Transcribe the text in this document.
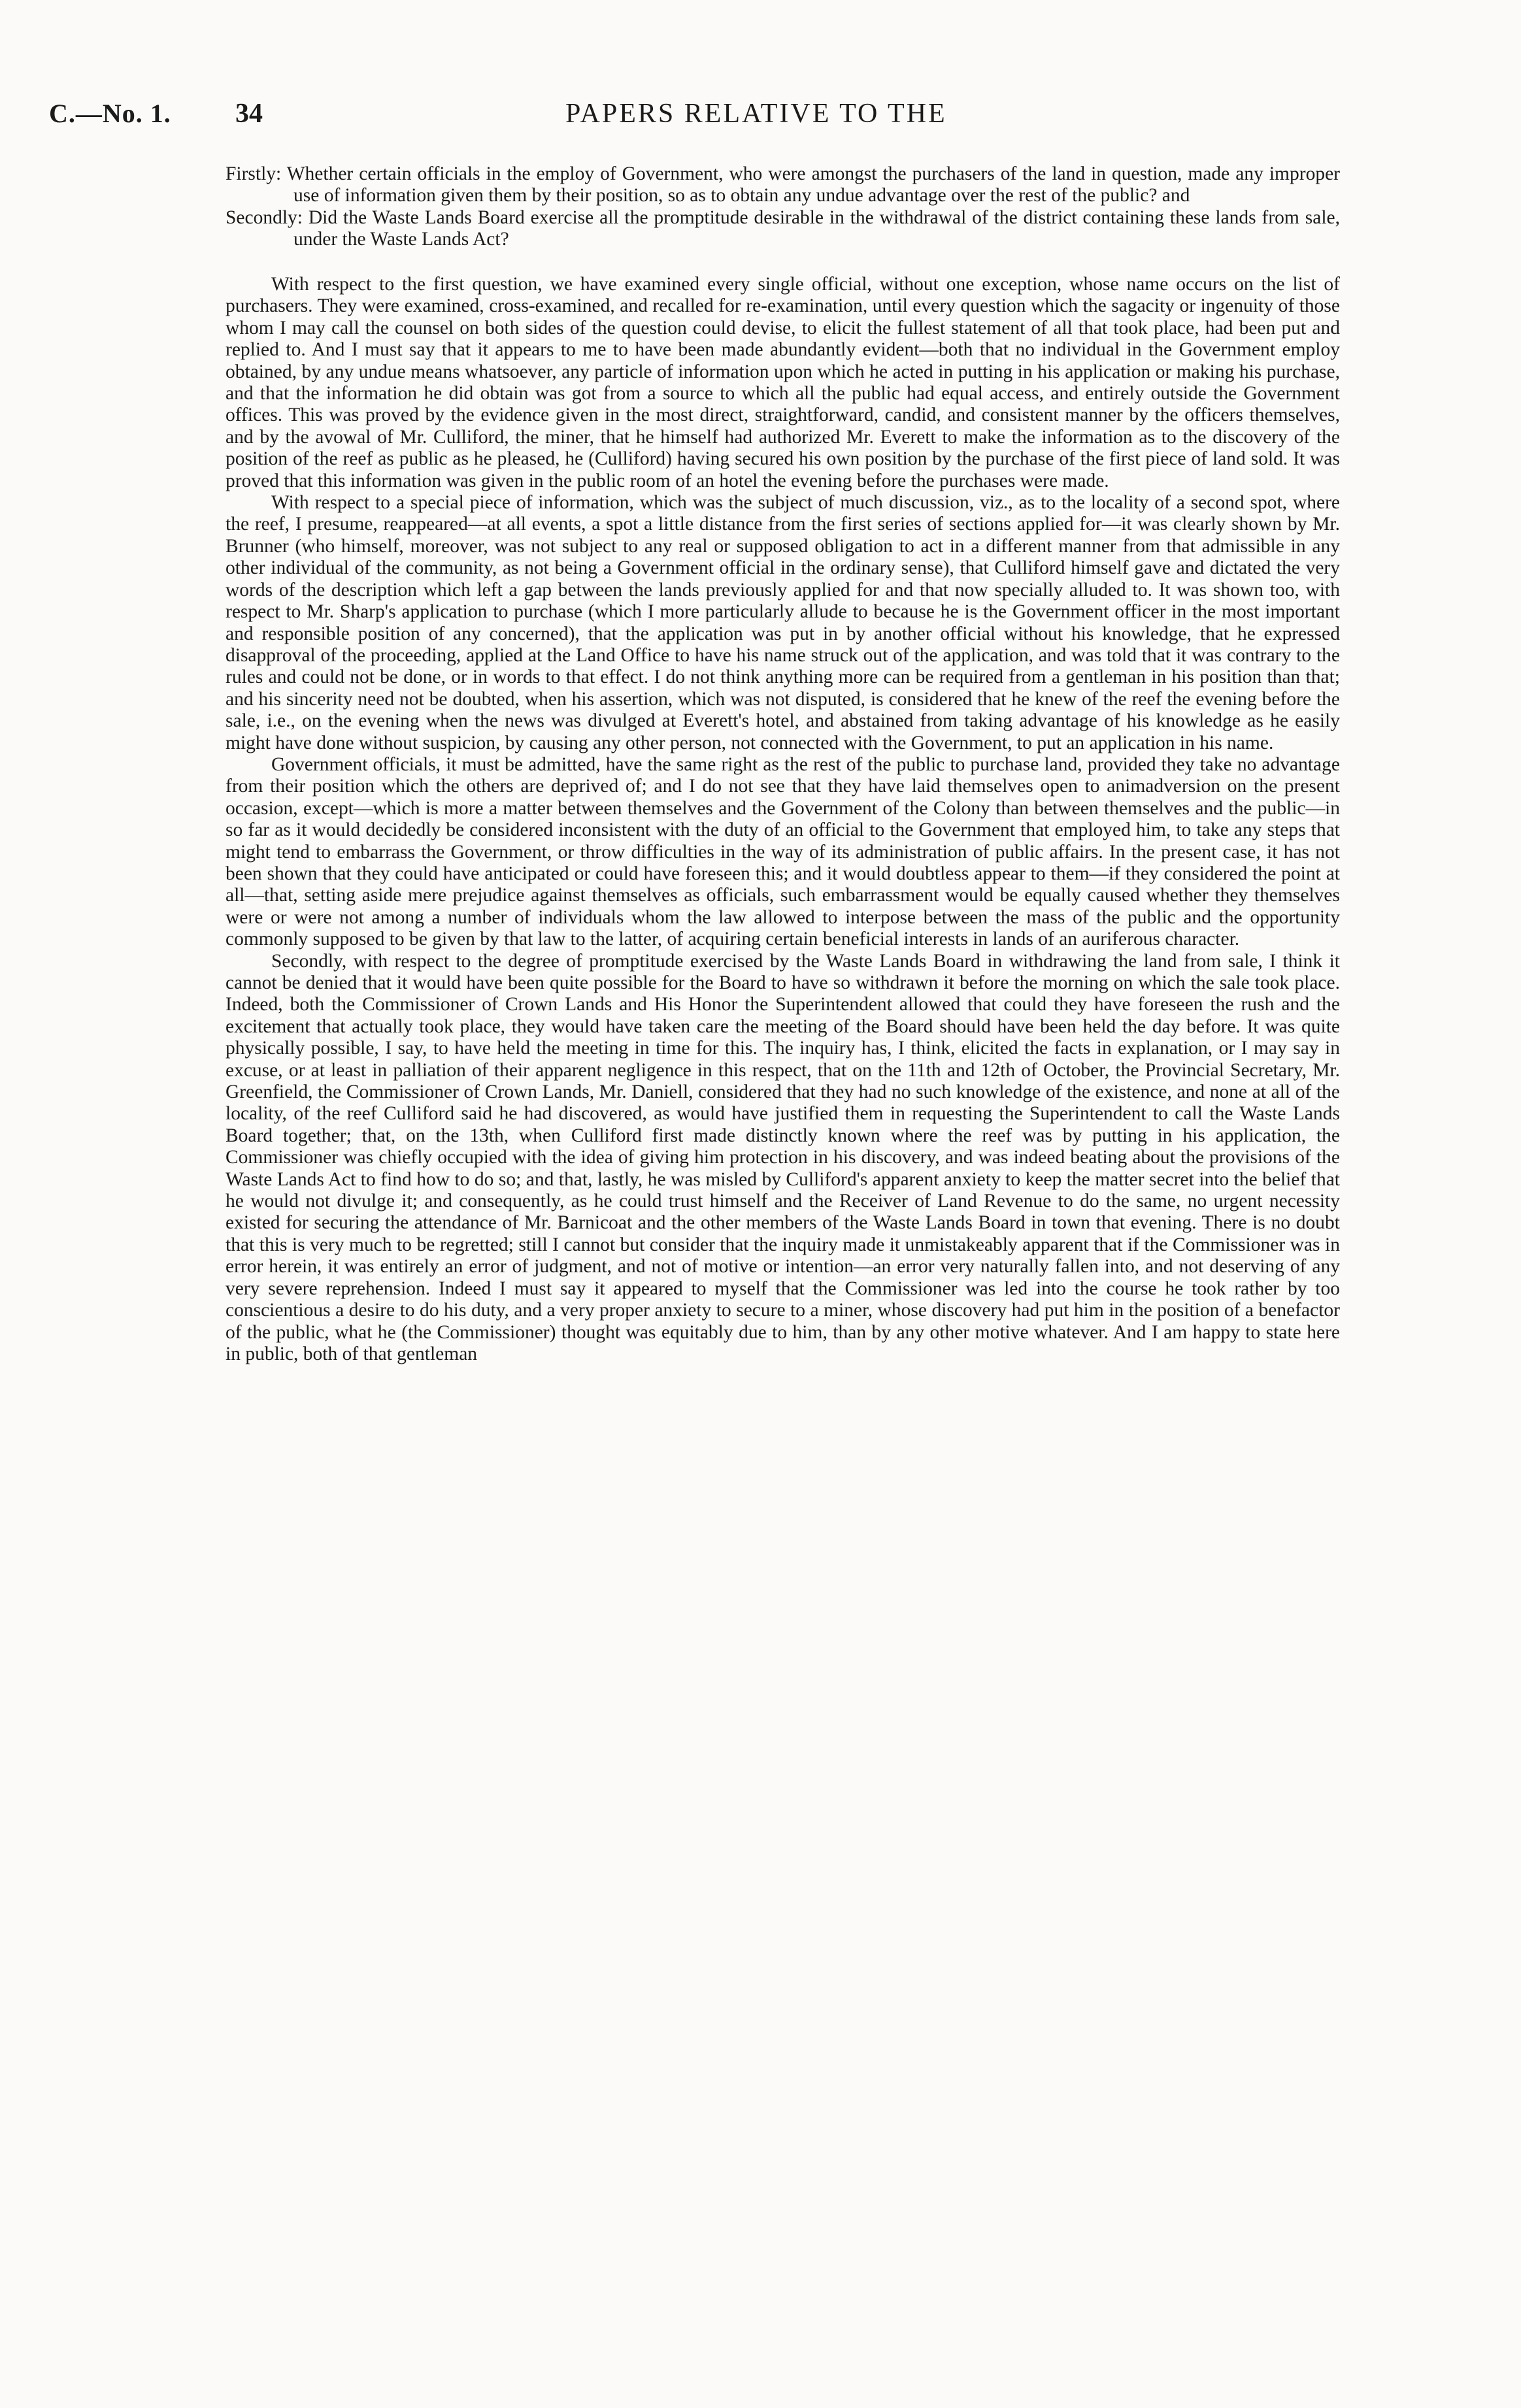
C.—No. 1. 34	PAPERS RELATIVE TO THE

Firstly: Whether certain officials in the employ of Government, who were amongst the purchasers of the land in question, made any improper use of information given them by their position, so as to obtain any undue advantage over the rest of the public? and

Secondly: Did the Waste Lands Board exercise all the promptitude desirable in the withdrawal of the district containing these lands from sale, under the Waste Lands Act?

With respect to the first question, we have examined every single official, without one exception, whose name occurs on the list of purchasers. They were examined, cross-examined, and recalled for re-examination, until every question which the sagacity or ingenuity of those whom I may call the counsel on both sides of the question could devise, to elicit the fullest statement of all that took place, had been put and replied to. And I must say that it appears to me to have been made abundantly evident—both that no individual in the Government employ obtained, by any undue means whatsoever, any particle of information upon which he acted in putting in his application or making his purchase, and that the information he did obtain was got from a source to which all the public had equal access, and entirely outside the Government offices. This was proved by the evidence given in the most direct, straightforward, candid, and consistent manner by the officers themselves, and by the avowal of Mr. Culliford, the miner, that he himself had authorized Mr. Everett to make the information as to the discovery of the position of the reef as public as he pleased, he (Culliford) having secured his own position by the purchase of the first piece of land sold. It was proved that this information was given in the public room of an hotel the evening before the purchases were made.

With respect to a special piece of information, which was the subject of much discussion, viz., as to the locality of a second spot, where the reef, I presume, reappeared—at all events, a spot a little distance from the first series of sections applied for—it was clearly shown by Mr. Brunner (who himself, moreover, was not subject to any real or supposed obligation to act in a different manner from that admissible in any other individual of the community, as not being a Government official in the ordinary sense), that Culliford himself gave and dictated the very words of the description which left a gap between the lands previously applied for and that now specially alluded to. It was shown too, with respect to Mr. Sharp's application to purchase (which I more particularly allude to because he is the Government officer in the most important and responsible position of any concerned), that the application was put in by another official without his knowledge, that he expressed disapproval of the proceeding, applied at the Land Office to have his name struck out of the application, and was told that it was contrary to the rules and could not be done, or in words to that effect. I do not think anything more can be required from a gentleman in his position than that; and his sincerity need not be doubted, when his assertion, which was not disputed, is considered that he knew of the reef the evening before the sale, i.e., on the evening when the news was divulged at Everett's hotel, and abstained from taking advantage of his knowledge as he easily might have done without suspicion, by causing any other person, not connected with the Government, to put an application in his name.

Government officials, it must be admitted, have the same right as the rest of the public to purchase land, provided they take no advantage from their position which the others are deprived of; and I do not see that they have laid themselves open to animadversion on the present occasion, except—which is more a matter between themselves and the Government of the Colony than between themselves and the public—in so far as it would decidedly be considered inconsistent with the duty of an official to the Government that employed him, to take any steps that might tend to embarrass the Government, or throw difficulties in the way of its administration of public affairs. In the present case, it has not been shown that they could have anticipated or could have foreseen this; and it would doubtless appear to them—if they considered the point at all—that, setting aside mere prejudice against themselves as officials, such embarrassment would be equally caused whether they themselves were or were not among a number of individuals whom the law allowed to interpose between the mass of the public and the opportunity commonly supposed to be given by that law to the latter, of acquiring certain beneficial interests in lands of an auriferous character.

Secondly, with respect to the degree of promptitude exercised by the Waste Lands Board in withdrawing the land from sale, I think it cannot be denied that it would have been quite possible for the Board to have so withdrawn it before the morning on which the sale took place. Indeed, both the Commissioner of Crown Lands and His Honor the Superintendent allowed that could they have foreseen the rush and the excitement that actually took place, they would have taken care the meeting of the Board should have been held the day before. It was quite physically possible, I say, to have held the meeting in time for this. The inquiry has, I think, elicited the facts in explanation, or I may say in excuse, or at least in palliation of their apparent negligence in this respect, that on the 11th and 12th of October, the Provincial Secretary, Mr. Greenfield, the Commissioner of Crown Lands, Mr. Daniell, considered that they had no such knowledge of the existence, and none at all of the locality, of the reef Culliford said he had discovered, as would have justified them in requesting the Superintendent to call the Waste Lands Board together; that, on the 13th, when Culliford first made distinctly known where the reef was by putting in his application, the Commissioner was chiefly occupied with the idea of giving him protection in his discovery, and was indeed beating about the provisions of the Waste Lands Act to find how to do so; and that, lastly, he was misled by Culliford's apparent anxiety to keep the matter secret into the belief that he would not divulge it; and consequently, as he could trust himself and the Receiver of Land Revenue to do the same, no urgent necessity existed for securing the attendance of Mr. Barnicoat and the other members of the Waste Lands Board in town that evening. There is no doubt that this is very much to be regretted; still I cannot but consider that the inquiry made it unmistakeably apparent that if the Commissioner was in error herein, it was entirely an error of judgment, and not of motive or intention—an error very naturally fallen into, and not deserving of any very severe reprehension. Indeed I must say it appeared to myself that the Commissioner was led into the course he took rather by too conscientious a desire to do his duty, and a very proper anxiety to secure to a miner, whose discovery had put him in the position of a benefactor of the public, what he (the Commissioner) thought was equitably due to him, than by any other motive whatever. And I am happy to state here in public, both of that gentleman
